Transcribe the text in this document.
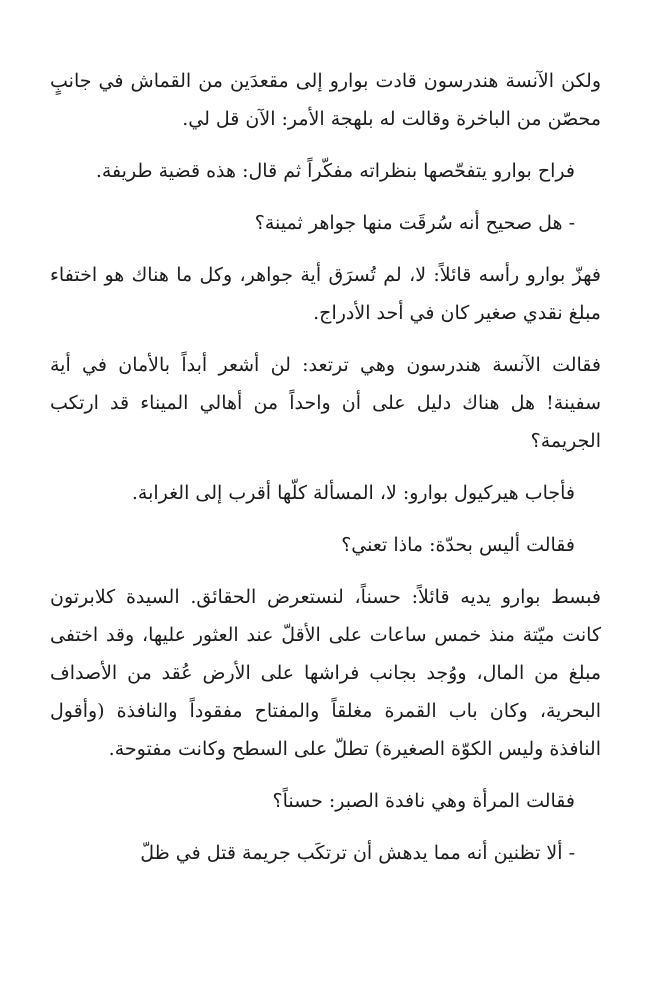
ولكن الآنسة هندرسون قادت بوارو إلى مقعدَين من القماش في جانبٍ محصّن من الباخرة وقالت له بلهجة الأمر: الآن قل لي.

فراح بوارو يتفحّصها بنظراته مفكّراً ثم قال: هذه قضية طريفة.

- هل صحيح أنه سُرقَت منها جواهر ثمينة؟

فهزّ بوارو رأسه قائلاً: لا، لم تُسرَق أية جواهر، وكل ما هناك هو اختفاء مبلغ نقدي صغير كان في أحد الأدراج.

فقالت الآنسة هندرسون وهي ترتعد: لن أشعر أبداً بالأمان في أية سفينة! هل هناك دليل على أن واحداً من أهالي الميناء قد ارتكب الجريمة؟

فأجاب هيركيول بوارو: لا، المسألة كلّها أقرب إلى الغرابة.

فقالت أليس بحدّة: ماذا تعني؟

فبسط بوارو يديه قائلاً: حسناً، لنستعرض الحقائق. السيدة كلابرتون كانت ميّتة منذ خمس ساعات على الأقلّ عند العثور عليها، وقد اختفى مبلغ من المال، ووُجد بجانب فراشها على الأرض عُقد من الأصداف البحرية، وكان باب القمرة مغلقاً والمفتاح مفقوداً والنافذة (وأقول النافذة وليس الكوّة الصغيرة) تطلّ على السطح وكانت مفتوحة.

فقالت المرأة وهي نافدة الصبر: حسناً؟

- ألا تظنين أنه مما يدهش أن ترتكَب جريمة قتل في ظلّ
